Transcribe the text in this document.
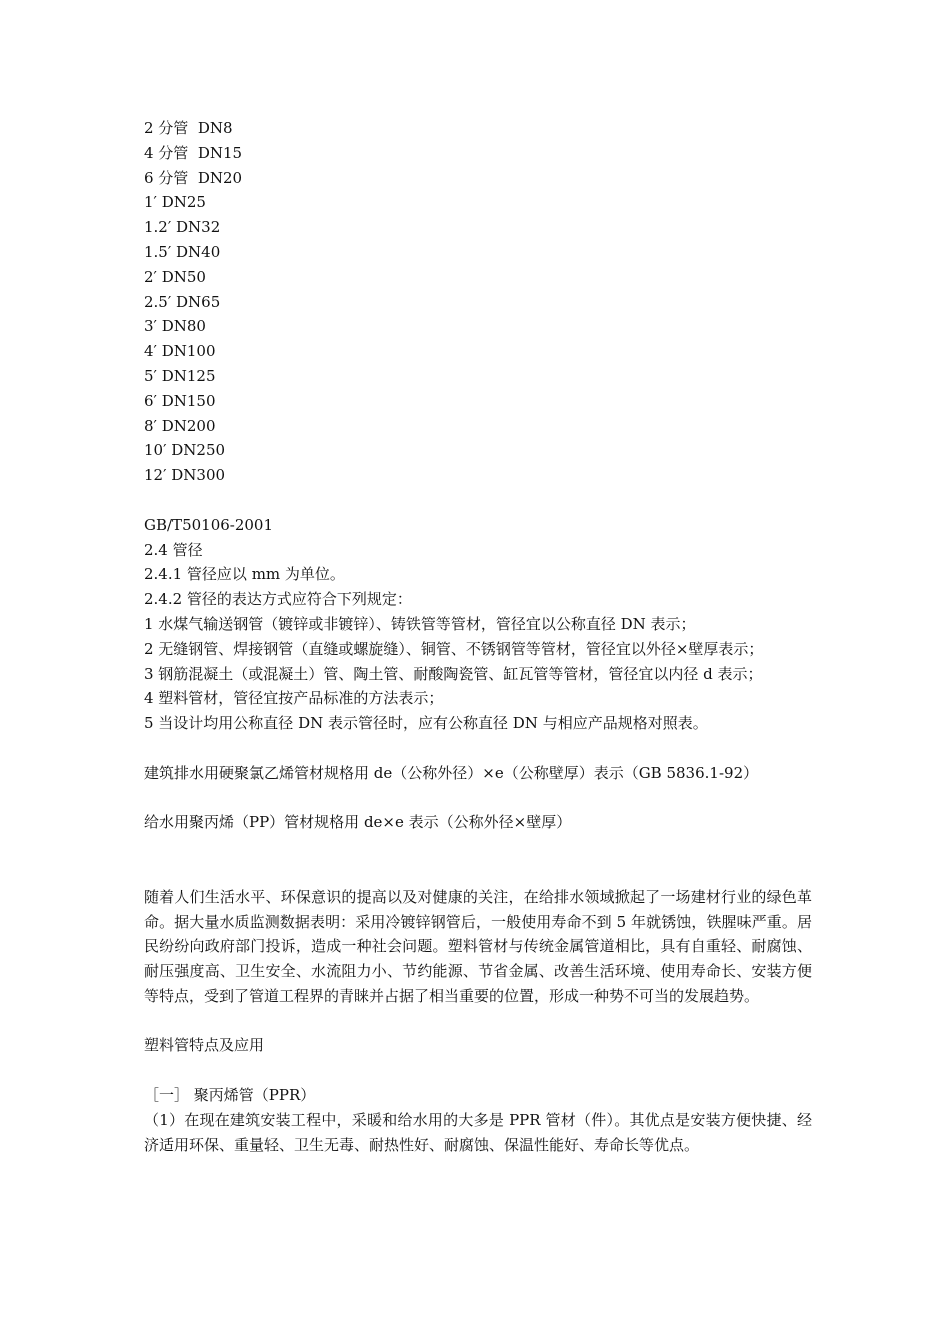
2 分管  DN8
4 分管  DN15
6 分管  DN20
1′ DN25
1.2′ DN32
1.5′ DN40
2′ DN50
2.5′ DN65
3′ DN80
4′ DN100
5′ DN125
6′ DN150
8′ DN200
10′ DN250
12′ DN300
GB/T50106-2001
2.4 管径
2.4.1 管径应以 mm 为单位。
2.4.2 管径的表达方式应符合下列规定：
1 水煤气输送钢管（镀锌或非镀锌）、铸铁管等管材，管径宜以公称直径 DN 表示；
2 无缝钢管、焊接钢管（直缝或螺旋缝）、铜管、不锈钢管等管材，管径宜以外径×壁厚表示；
3 钢筋混凝土（或混凝土）管、陶土管、耐酸陶瓷管、缸瓦管等管材，管径宜以内径 d 表示；
4 塑料管材，管径宜按产品标准的方法表示；
5 当设计均用公称直径 DN 表示管径时，应有公称直径 DN 与相应产品规格对照表。
建筑排水用硬聚氯乙烯管材规格用 de（公称外径）×e（公称壁厚）表示（GB 5836.1-92）
给水用聚丙烯（PP）管材规格用 de×e 表示（公称外径×壁厚）
随着人们生活水平、环保意识的提高以及对健康的关注，在给排水领域掀起了一场建材行业的绿色革命。据大量水质监测数据表明：采用冷镀锌钢管后，一般使用寿命不到 5 年就锈蚀，铁腥味严重。居民纷纷向政府部门投诉，造成一种社会问题。塑料管材与传统金属管道相比，具有自重轻、耐腐蚀、耐压强度高、卫生安全、水流阻力小、节约能源、节省金属、改善生活环境、使用寿命长、安装方便等特点，受到了管道工程界的青睐并占据了相当重要的位置，形成一种势不可当的发展趋势。
塑料管特点及应用
［一］ 聚丙烯管（PPR）
（1）在现在建筑安装工程中，采暖和给水用的大多是 PPR 管材（件）。其优点是安装方便快捷、经济适用环保、重量轻、卫生无毒、耐热性好、耐腐蚀、保温性能好、寿命长等优点。
